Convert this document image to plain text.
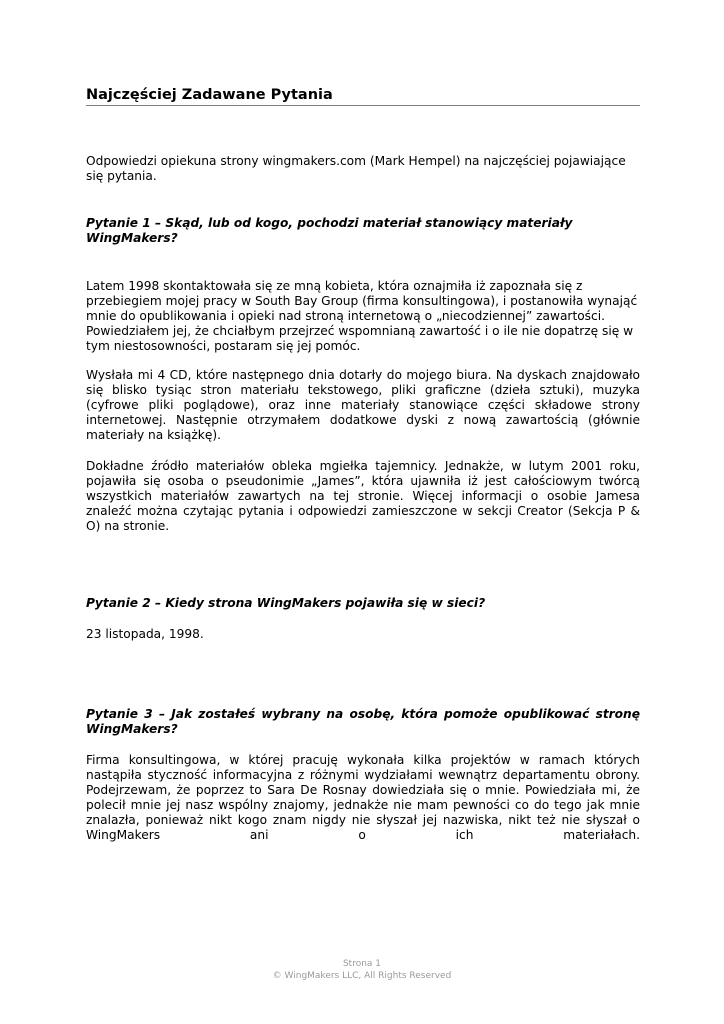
Najczęściej Zadawane Pytania
Odpowiedzi opiekuna strony wingmakers.com (Mark Hempel) na najczęściej pojawiające się pytania.
Pytanie 1 – Skąd, lub od kogo, pochodzi materiał stanowiący materiały WingMakers?
Latem 1998 skontaktowała się ze mną kobieta, która oznajmiła iż zapoznała się z przebiegiem mojej pracy w South Bay Group (firma konsultingowa), i postanowiła wynająć mnie do opublikowania i opieki nad stroną internetową o „niecodziennej” zawartości. Powiedziałem jej, że chciałbym przejrzeć wspomnianą zawartość i o ile nie dopatrzę się w tym niestosowności, postaram się jej pomóc.
Wysłała mi 4 CD, które następnego dnia dotarły do mojego biura. Na dyskach znajdowało się blisko tysiąc stron materiału tekstowego, pliki graficzne (dzieła sztuki), muzyka (cyfrowe pliki poglądowe), oraz inne materiały stanowiące części składowe strony internetowej. Następnie otrzymałem dodatkowe dyski z nową zawartością (głównie materiały na książkę).
Dokładne źródło materiałów obleka mgiełka tajemnicy. Jednakże, w lutym 2001 roku, pojawiła się osoba o pseudonimie „James”, która ujawniła iż jest całościowym twórcą wszystkich materiałów zawartych na tej stronie. Więcej informacji o osobie Jamesa znaleźć można czytając pytania i odpowiedzi zamieszczone w sekcji Creator (Sekcja P & O) na stronie.
Pytanie 2 – Kiedy strona WingMakers pojawiła się w sieci?
23 listopada, 1998.
Pytanie 3 – Jak zostałeś wybrany na osobę, która pomoże opublikować stronę WingMakers?
Firma konsultingowa, w której pracuję wykonała kilka projektów w ramach których nastąpiła styczność informacyjna z różnymi wydziałami wewnątrz departamentu obrony. Podejrzewam, że poprzez to Sara De Rosnay dowiedziała się o mnie. Powiedziała mi, że polecił mnie jej nasz wspólny znajomy, jednakże nie mam pewności co do tego jak mnie znalazła, ponieważ nikt kogo znam nigdy nie słyszał jej nazwiska, nikt też nie słyszał o WingMakers ani o ich materiałach.
Strona 1
© WingMakers LLC, All Rights Reserved
